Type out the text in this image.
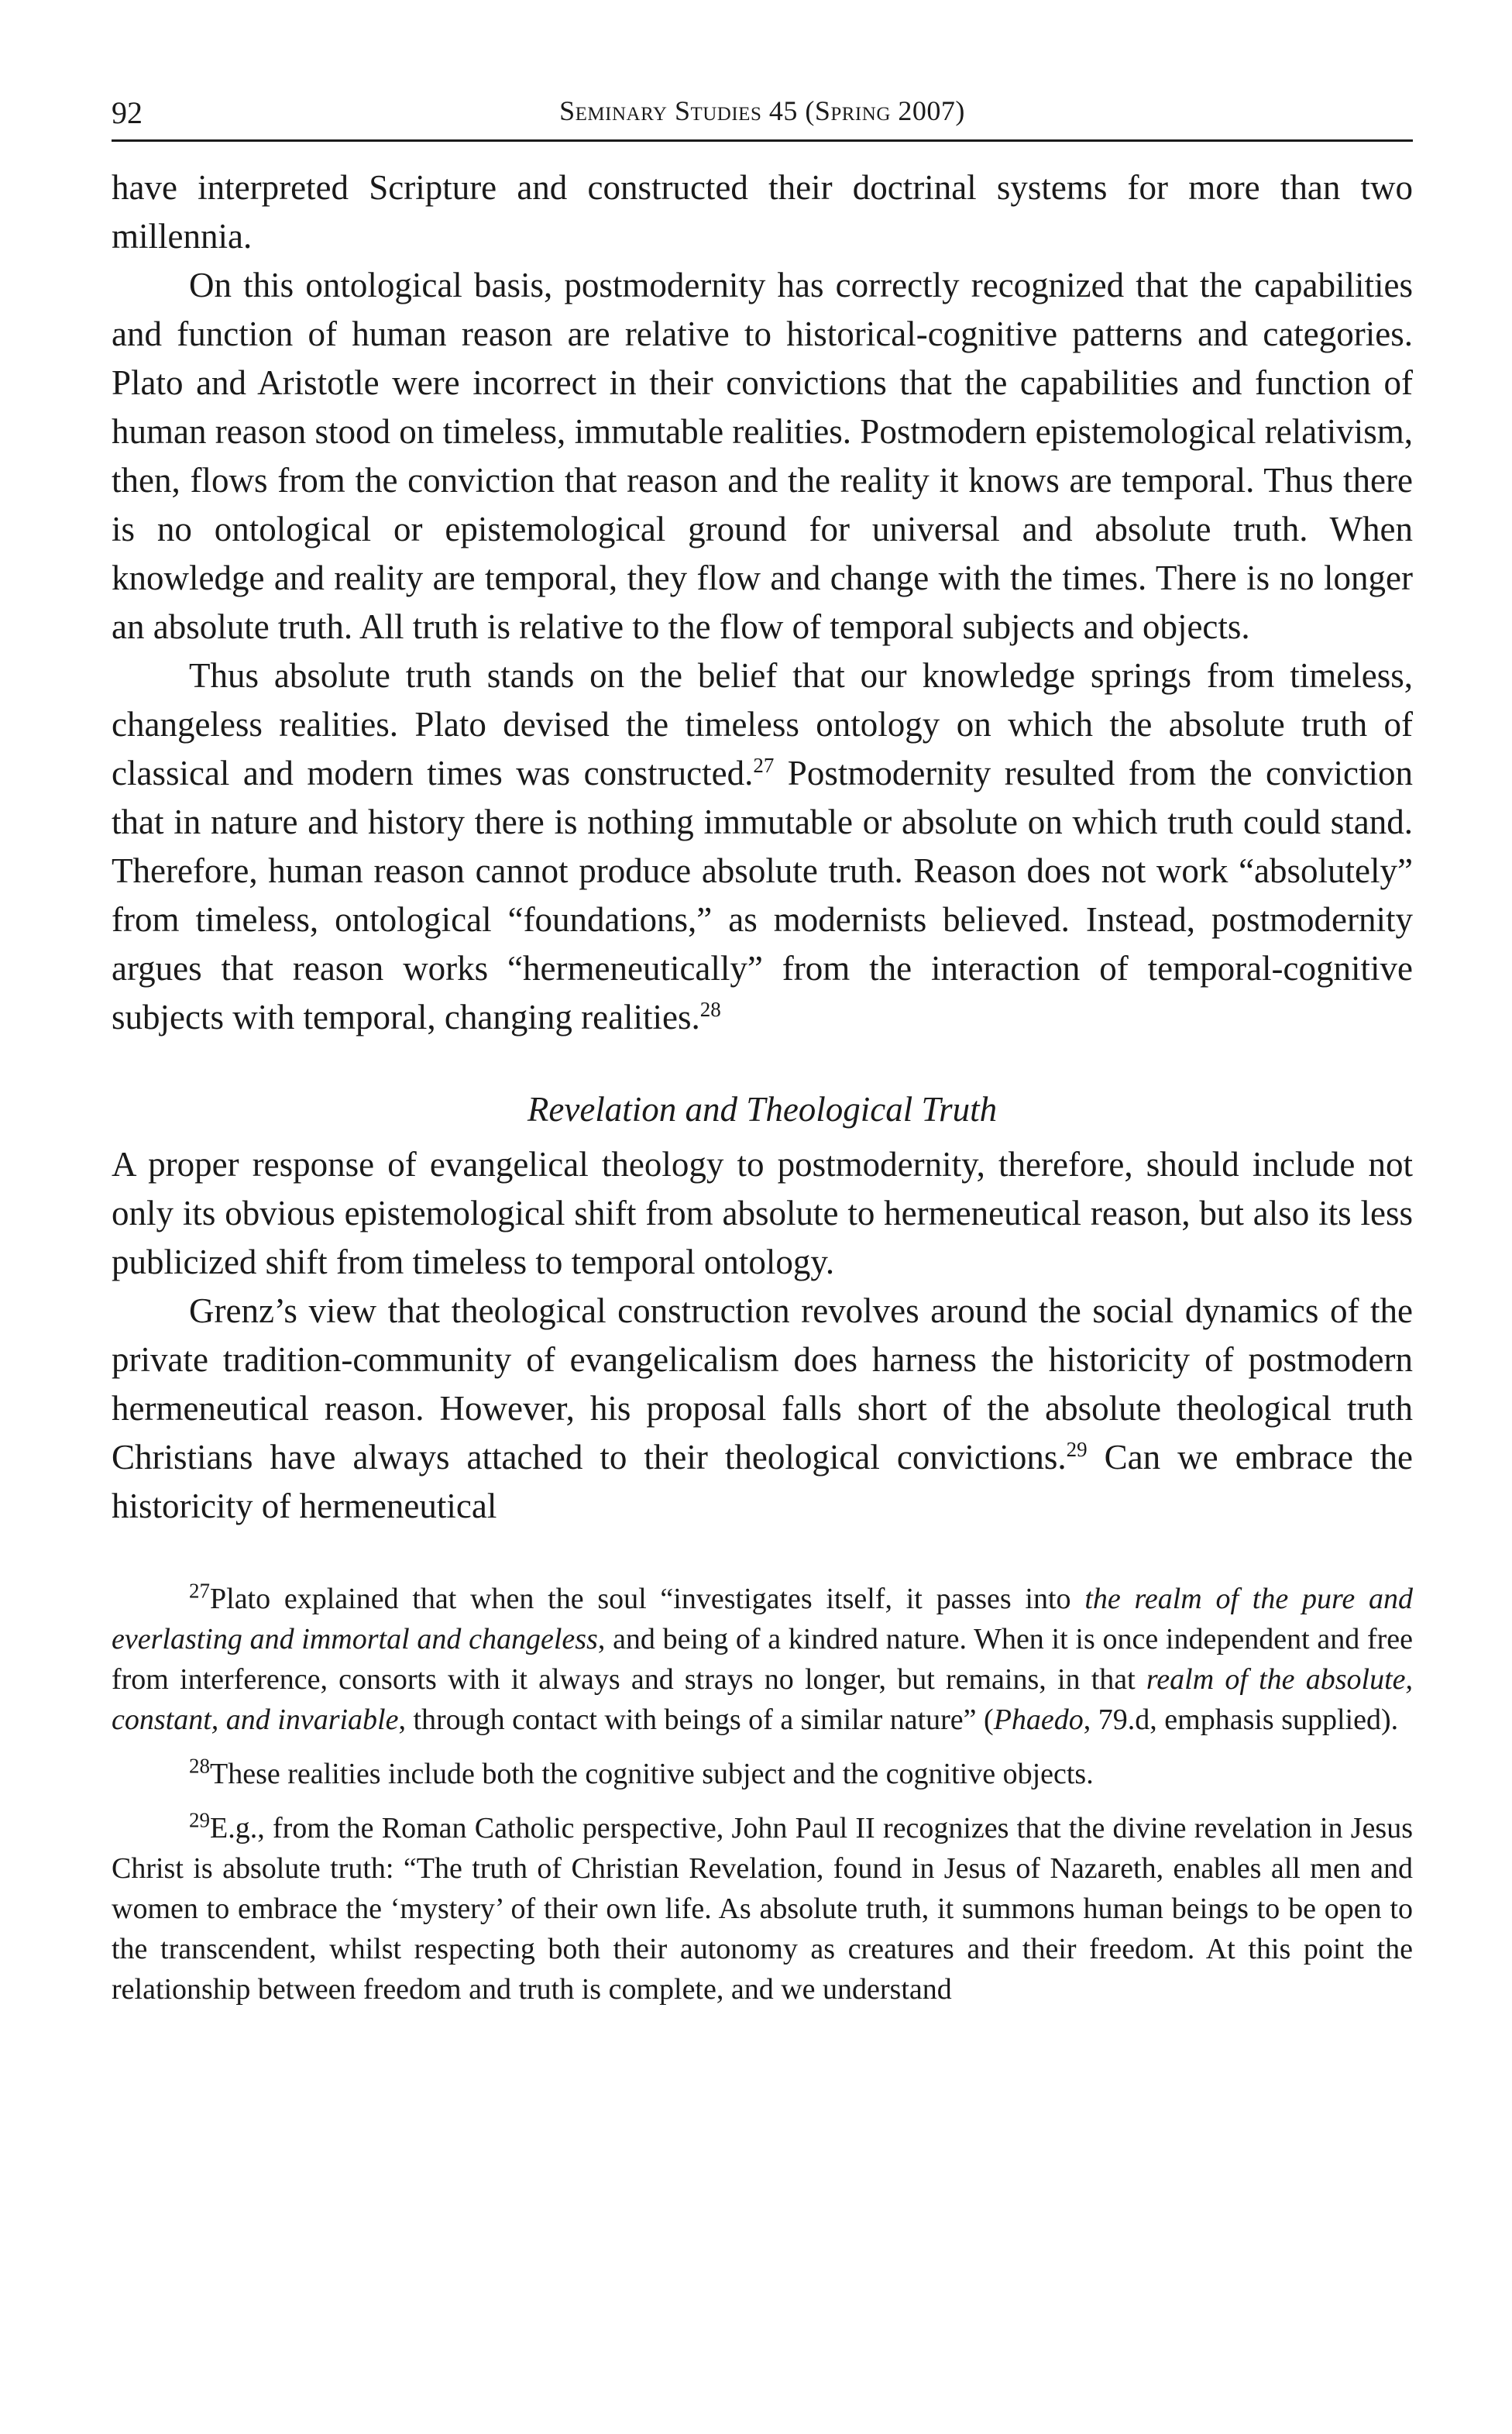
92	Seminary Studies 45 (Spring 2007)

have interpreted Scripture and constructed their doctrinal systems for more than two millennia.

On this ontological basis, postmodernity has correctly recognized that the capabilities and function of human reason are relative to historical-cognitive patterns and categories. Plato and Aristotle were incorrect in their convictions that the capabilities and function of human reason stood on timeless, immutable realities. Postmodern epistemological relativism, then, flows from the conviction that reason and the reality it knows are temporal. Thus there is no ontological or epistemological ground for universal and absolute truth. When knowledge and reality are temporal, they flow and change with the times. There is no longer an absolute truth. All truth is relative to the flow of temporal subjects and objects.

Thus absolute truth stands on the belief that our knowledge springs from timeless, changeless realities. Plato devised the timeless ontology on which the absolute truth of classical and modern times was constructed.$^{27}$ Postmodernity resulted from the conviction that in nature and history there is nothing immutable or absolute on which truth could stand. Therefore, human reason cannot produce absolute truth. Reason does not work “absolutely” from timeless, ontological “foundations,” as modernists believed. Instead, postmodernity argues that reason works “hermeneutically” from the interaction of temporal-cognitive subjects with temporal, changing realities.$^{28}$

Revelation and Theological Truth

A proper response of evangelical theology to postmodernity, therefore, should include not only its obvious epistemological shift from absolute to hermeneutical reason, but also its less publicized shift from timeless to temporal ontology.

Grenz’s view that theological construction revolves around the social dynamics of the private tradition-community of evangelicalism does harness the historicity of postmodern hermeneutical reason. However, his proposal falls short of the absolute theological truth Christians have always attached to their theological convictions.$^{29}$ Can we embrace the historicity of hermeneutical

$^{27}$Plato explained that when the soul “investigates itself, it passes into the realm of the pure and everlasting and immortal and changeless, and being of a kindred nature. When it is once independent and free from interference, consorts with it always and strays no longer, but remains, in that realm of the absolute, constant, and invariable, through contact with beings of a similar nature” (Phaedo, 79.d, emphasis supplied).

$^{28}$These realities include both the cognitive subject and the cognitive objects.

$^{29}$E.g., from the Roman Catholic perspective, John Paul II recognizes that the divine revelation in Jesus Christ is absolute truth: “The truth of Christian Revelation, found in Jesus of Nazareth, enables all men and women to embrace the ‘mystery’ of their own life. As absolute truth, it summons human beings to be open to the transcendent, whilst respecting both their autonomy as creatures and their freedom. At this point the relationship between freedom and truth is complete, and we understand
